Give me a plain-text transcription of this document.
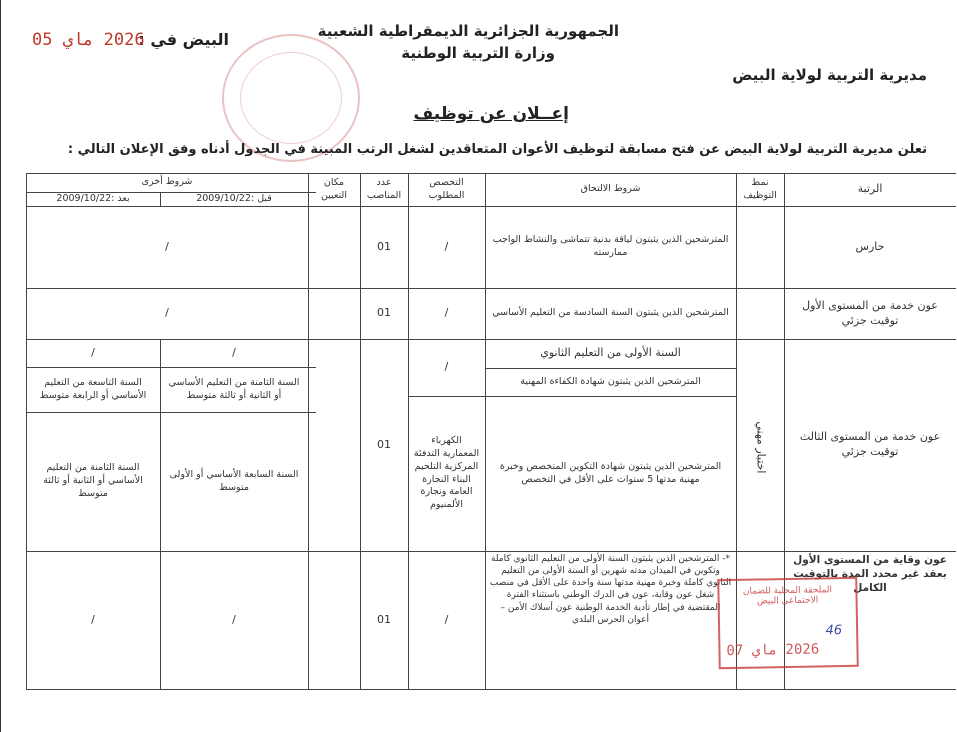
الجمهورية الجزائرية الديمقراطية الشعبية
وزارة التربية الوطنية
مديرية التربية لولاية البيض
البيض في :
2026 ماي 05
إعــلان عن توظيف
تعلن مديرية التربية لولاية البيض عن فتح مسابقة لتوظيف الأعوان المتعاقدين لشغل الرتب المبينة في الجدول أدناه وفق الإعلان التالي :
الرتبة
نمط التوظيف
شروط الالتحاق
التخصص المطلوب
عدد المناصب
مكان التعيين
شروط أخرى
قبل :2009/10/22
بعد :2009/10/22
اختبار مهني
حارس
المترشحين الذين يثبتون لياقة بدنية تتماشى والنشاط الواجب ممارسته
/
01
/
عون خدمة من المستوى الأول توقيت جزئي
المترشحين الذين يثبتون السنة السادسة من التعليم الأساسي
/
01
/
عون خدمة من المستوى الثالث توقيت جزئي
السنة الأولى من التعليم الثانوي
المترشحين الذين يثبتون شهادة الكفاءة المهنية
المترشحين الذين يثبتون شهادة التكوين المتخصص وخبرة مهنية مدتها 5 سنوات على الأقل في التخصص
/
الكهرباء المعمارية التدفئة المركزية التلحيم البناء النجارة العامة ونجارة الألمنيوم
01
/
/
السنة الثامنة من التعليم الأساسي أو الثانية أو ثالثة متوسط
السنة التاسعة من التعليم الأساسي أو الرابعة متوسط
السنة السابعة الأساسي أو الأولى متوسط
السنة الثامنة من التعليم الأساسي أو الثانية أو ثالثة متوسط
عون وقاية من المستوى الأول بعقد غير محدد المدة بالتوقيت الكامل
*- المترشحين الذين يثبتون السنة الأولى من التعليم الثانوي كاملة وتكوين في الميدان مدته شهرين أو السنة الأولى من التعليم الثانوي كاملة وخبرة مهنية مدتها سنة واحدة على الأقل في منصب شغل عون وقاية، عون في الدرك الوطني باستثناء الفترة المقتضية في إطار تأدية الخدمة الوطنية عون أسلاك الأمن – أعوان الحرس البلدي
/
01
/
/
الملحقة المحلية للضمان الاجتماعي البيض
46
2026 ماي 07
